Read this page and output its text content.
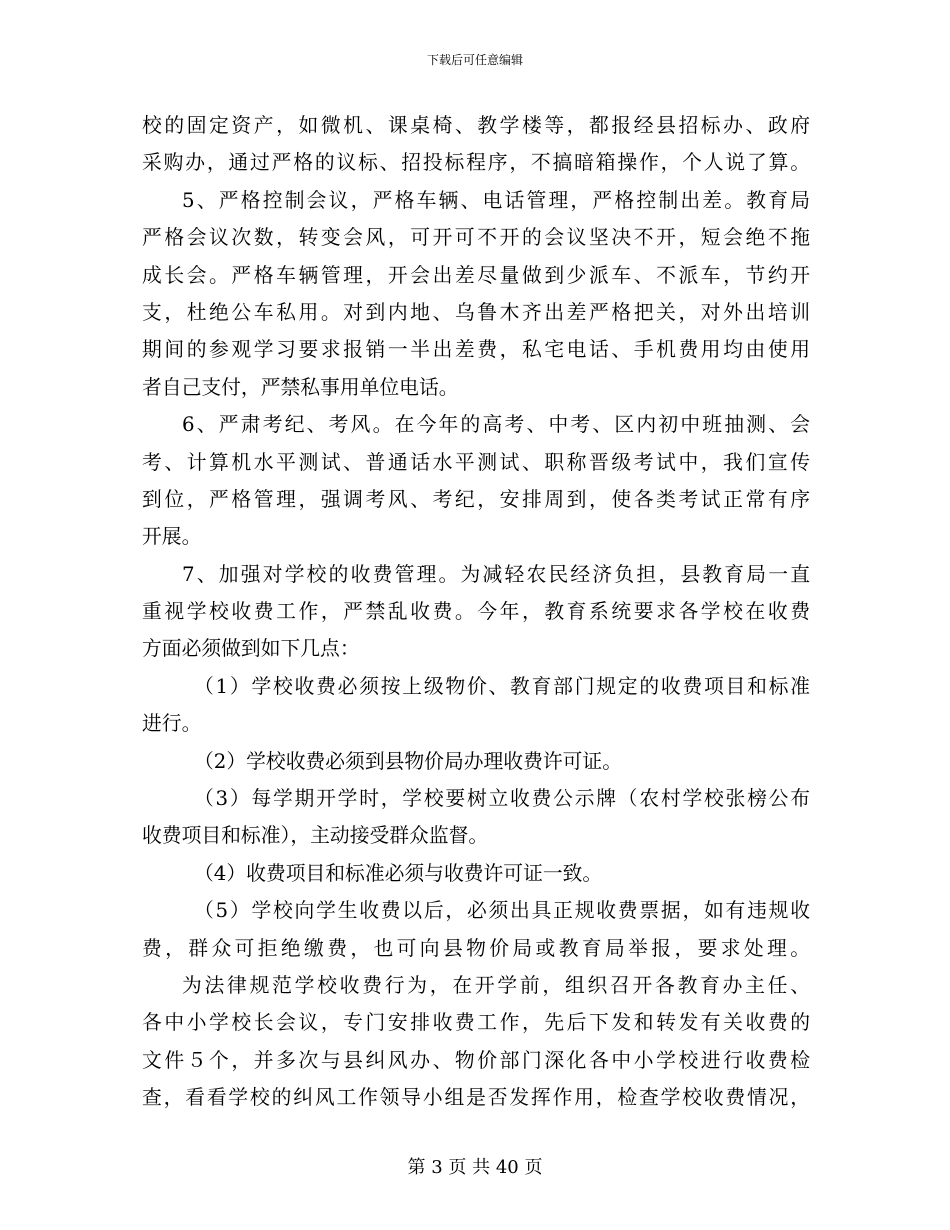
下载后可任意编辑
校的固定资产，如微机、课桌椅、教学楼等，都报经县招标办、政府
采购办，通过严格的议标、招投标程序，不搞暗箱操作，个人说了算。
5、严格控制会议，严格车辆、电话管理，严格控制出差。教育局
严格会议次数，转变会风，可开可不开的会议坚决不开，短会绝不拖
成长会。严格车辆管理，开会出差尽量做到少派车、不派车，节约开
支，杜绝公车私用。对到内地、乌鲁木齐出差严格把关，对外出培训
期间的参观学习要求报销一半出差费，私宅电话、手机费用均由使用
者自己支付，严禁私事用单位电话。
6、严肃考纪、考风。在今年的高考、中考、区内初中班抽测、会
考、计算机水平测试、普通话水平测试、职称晋级考试中，我们宣传
到位，严格管理，强调考风、考纪，安排周到，使各类考试正常有序
开展。
7、加强对学校的收费管理。为减轻农民经济负担，县教育局一直
重视学校收费工作，严禁乱收费。今年，教育系统要求各学校在收费
方面必须做到如下几点：
（1）学校收费必须按上级物价、教育部门规定的收费项目和标准
进行。
（2）学校收费必须到县物价局办理收费许可证。
（3）每学期开学时，学校要树立收费公示牌（农村学校张榜公布
收费项目和标准），主动接受群众监督。
（4）收费项目和标准必须与收费许可证一致。
（5）学校向学生收费以后，必须出具正规收费票据，如有违规收
费，群众可拒绝缴费，也可向县物价局或教育局举报，要求处理。
为法律规范学校收费行为，在开学前，组织召开各教育办主任、
各中小学校长会议，专门安排收费工作，先后下发和转发有关收费的
文件５个，并多次与县纠风办、物价部门深化各中小学校进行收费检
查，看看学校的纠风工作领导小组是否发挥作用，检查学校收费情况，
第 3 页 共 40 页
